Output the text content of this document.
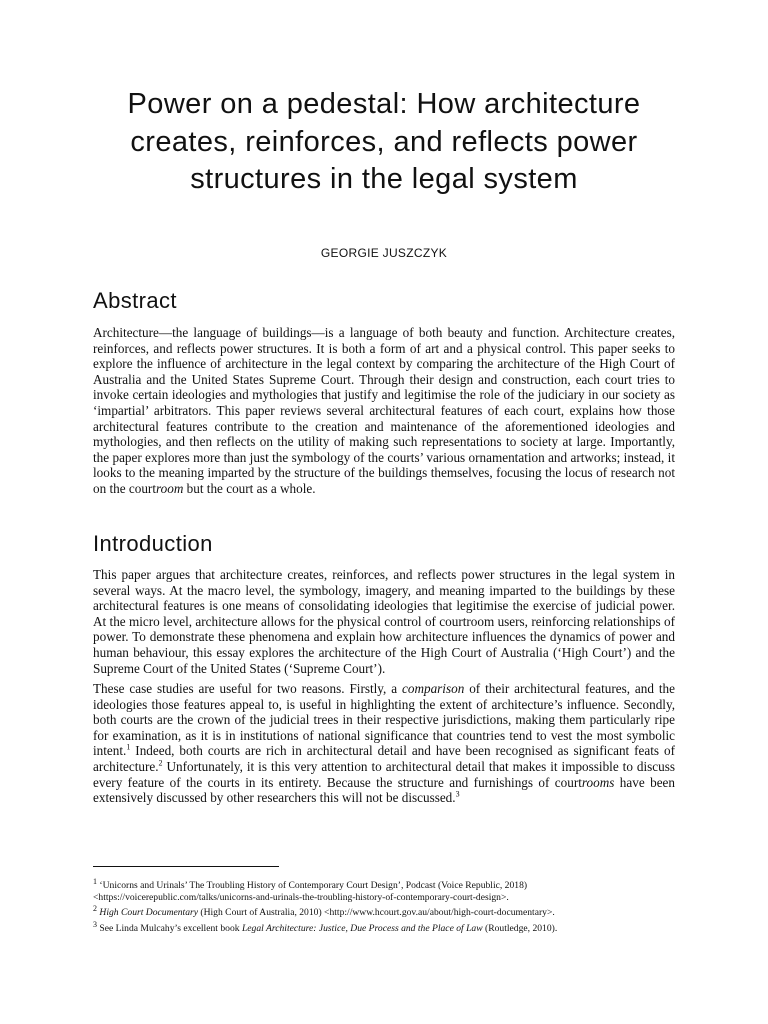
Power on a pedestal: How architecture creates, reinforces, and reflects power structures in the legal system
GEORGIE JUSZCZYK
Abstract

Architecture—the language of buildings—is a language of both beauty and function. Architecture creates, reinforces, and reflects power structures. It is both a form of art and a physical control. This paper seeks to explore the influence of architecture in the legal context by comparing the architecture of the High Court of Australia and the United States Supreme Court. Through their design and construction, each court tries to invoke certain ideologies and mythologies that justify and legitimise the role of the judiciary in our society as ‘impartial’ arbitrators. This paper reviews several architectural features of each court, explains how those architectural features contribute to the creation and maintenance of the aforementioned ideologies and mythologies, and then reflects on the utility of making such representations to society at large. Importantly, the paper explores more than just the symbology of the courts’ various ornamentation and artworks; instead, it looks to the meaning imparted by the structure of the buildings themselves, focusing the locus of research not on the courtroom but the court as a whole.

Introduction

This paper argues that architecture creates, reinforces, and reflects power structures in the legal system in several ways. At the macro level, the symbology, imagery, and meaning imparted to the buildings by these architectural features is one means of consolidating ideologies that legitimise the exercise of judicial power. At the micro level, architecture allows for the physical control of courtroom users, reinforcing relationships of power. To demonstrate these phenomena and explain how architecture influences the dynamics of power and human behaviour, this essay explores the architecture of the High Court of Australia (‘High Court’) and the Supreme Court of the United States (‘Supreme Court’).

These case studies are useful for two reasons. Firstly, a comparison of their architectural features, and the ideologies those features appeal to, is useful in highlighting the extent of architecture’s influence. Secondly, both courts are the crown of the judicial trees in their respective jurisdictions, making them particularly ripe for examination, as it is in institutions of national significance that countries tend to vest the most symbolic intent.$^1$ Indeed, both courts are rich in architectural detail and have been recognised as significant feats of architecture.$^2$ Unfortunately, it is this very attention to architectural detail that makes it impossible to discuss every feature of the courts in its entirety. Because the structure and furnishings of courtrooms have been extensively discussed by other researchers this will not be discussed.$^3$

$^1$ ‘Unicorns and Urinals’ The Troubling History of Contemporary Court Design’, Podcast (Voice Republic, 2018) <https://voicerepublic.com/talks/unicorns-and-urinals-the-troubling-history-of-contemporary-court-design>.

$^2$ High Court Documentary (High Court of Australia, 2010) <http://www.hcourt.gov.au/about/high-court-documentary>.

$^3$ See Linda Mulcahy’s excellent book Legal Architecture: Justice, Due Process and the Place of Law (Routledge, 2010).
